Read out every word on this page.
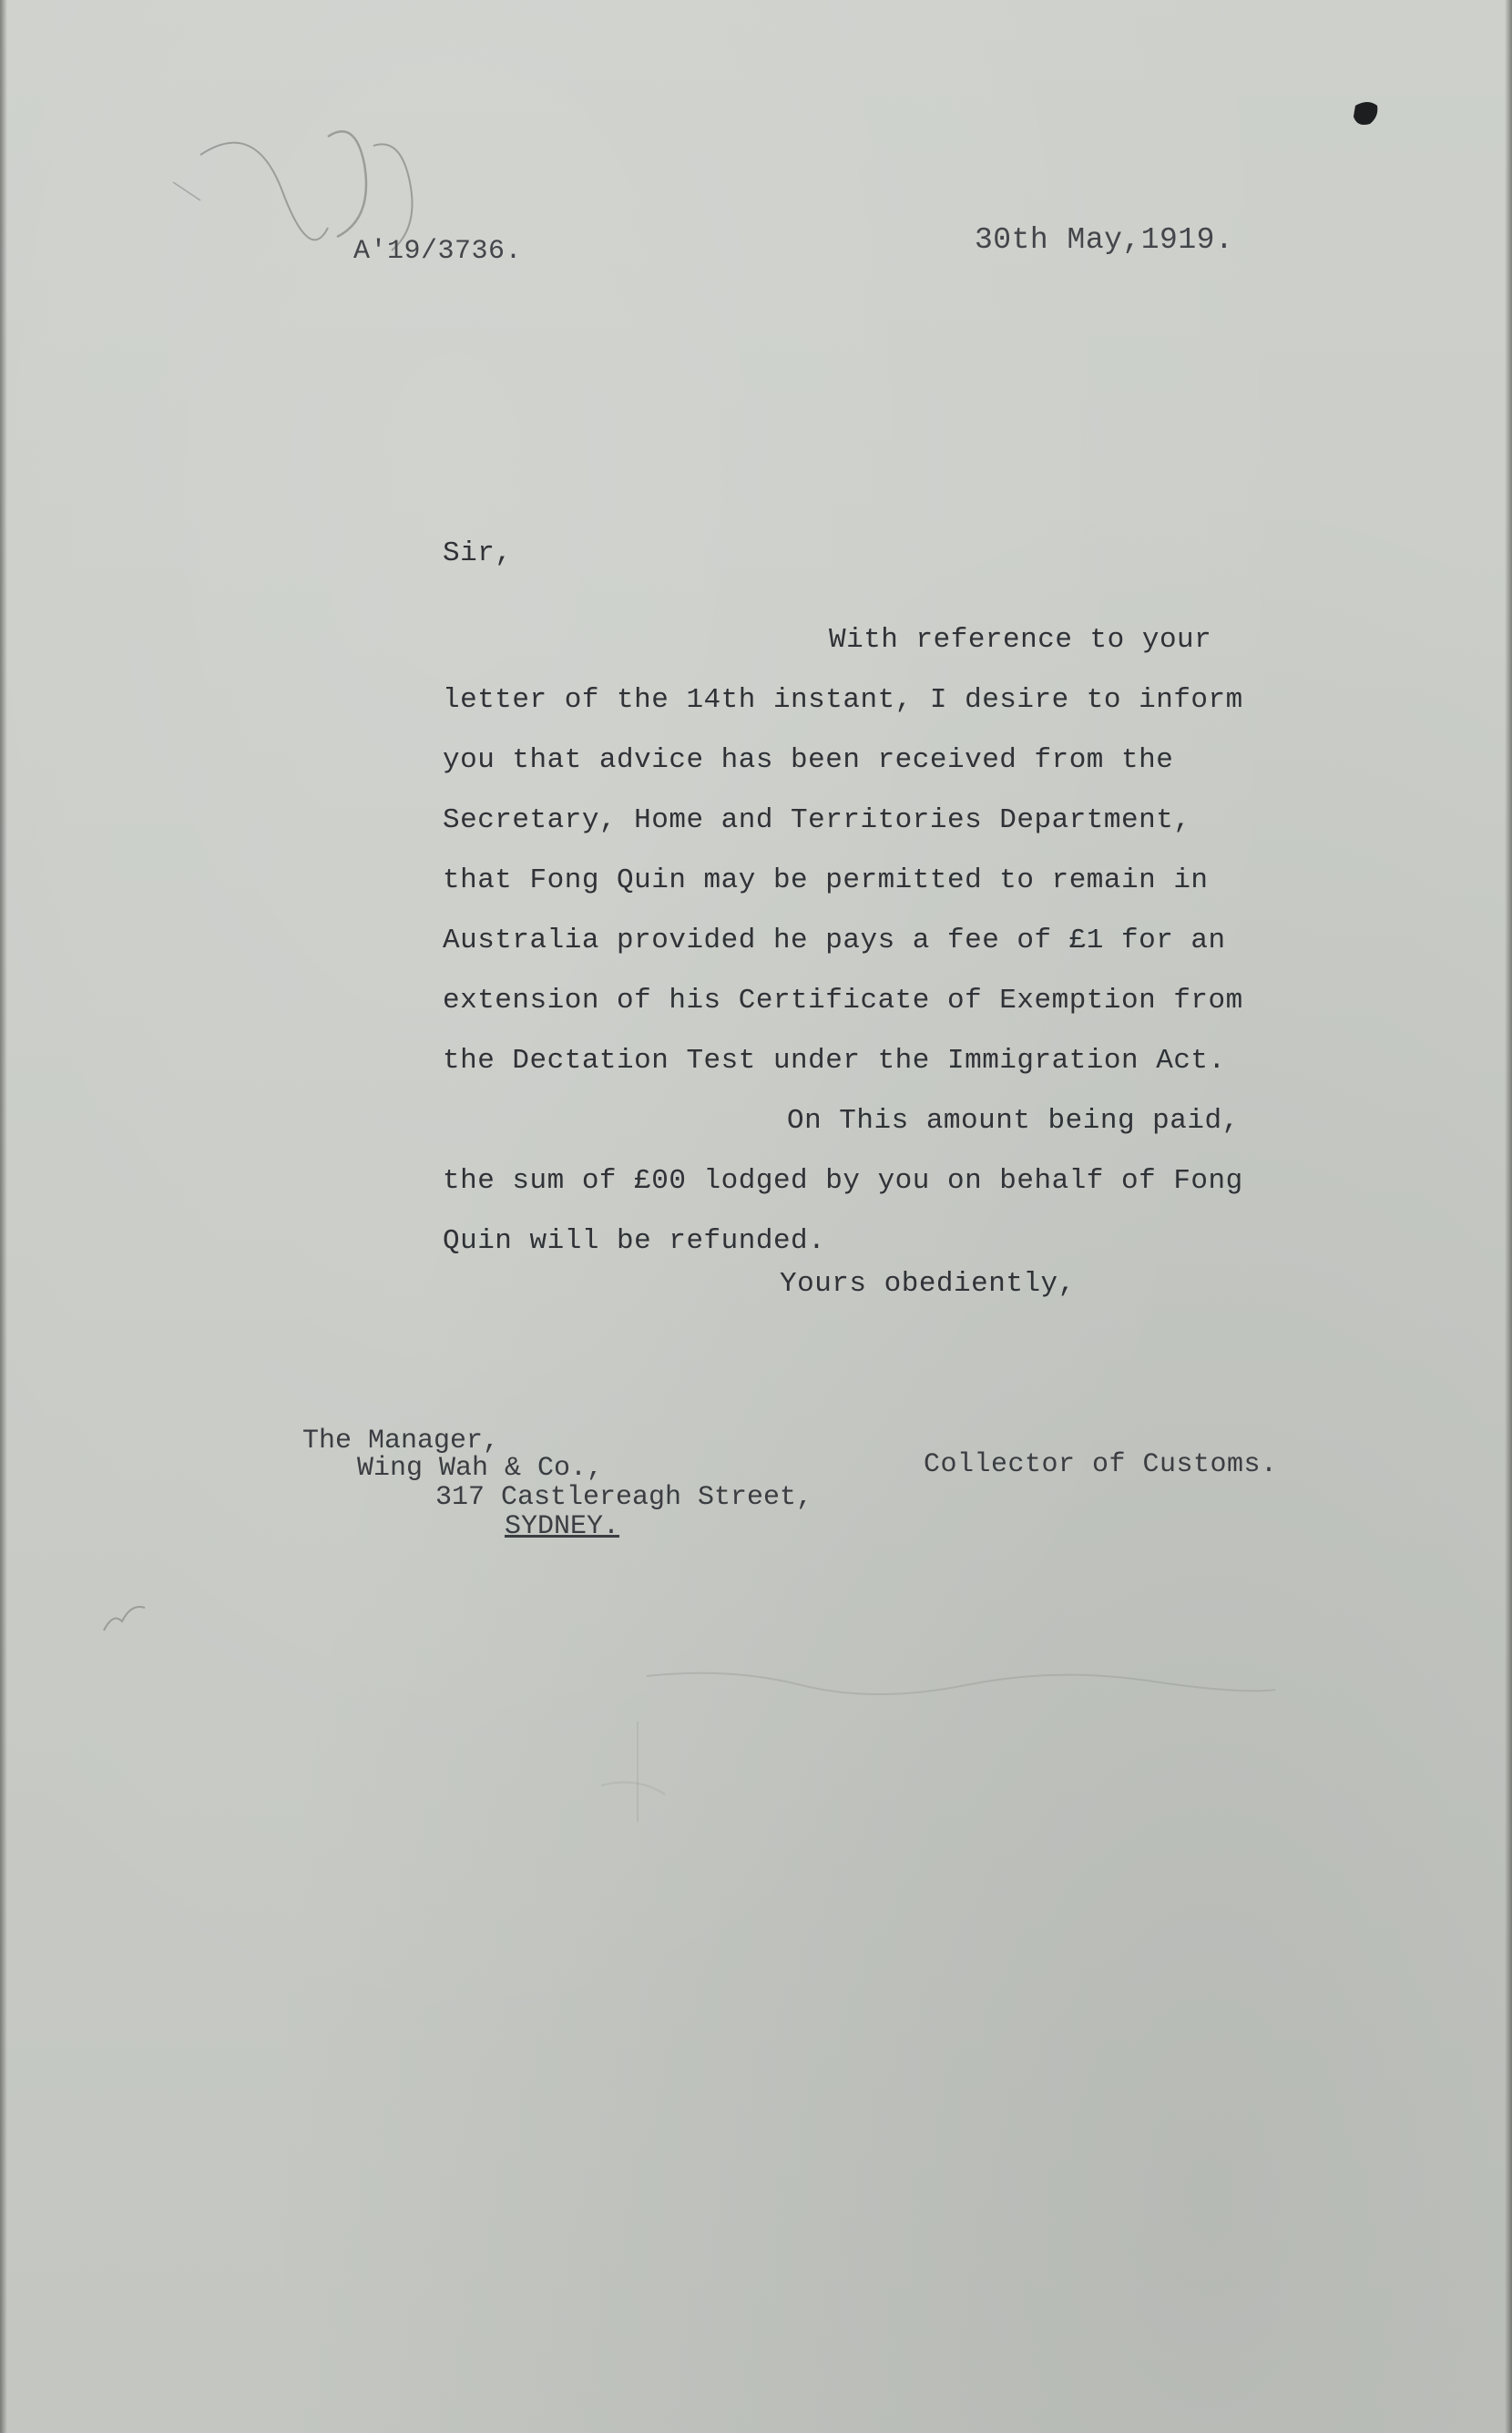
A'19/3736.	30th May,1919.

Sir,

With reference to your
letter of the 14th instant, I desire to inform
you that advice has been received from the
Secretary, Home and Territories Department,
that Fong Quin may be permitted to remain in
Australia provided he pays a fee of £1 for an
extension of his Certificate of Exemption from
the Dectation Test under the Immigration Act.
On This amount being paid,
the sum of £00 lodged by you on behalf of Fong
Quin will be refunded.

Yours obediently,

The Manager,
Wing Wah & Co.,
317 Castlereagh Street,
SYDNEY.

Collector of Customs.
